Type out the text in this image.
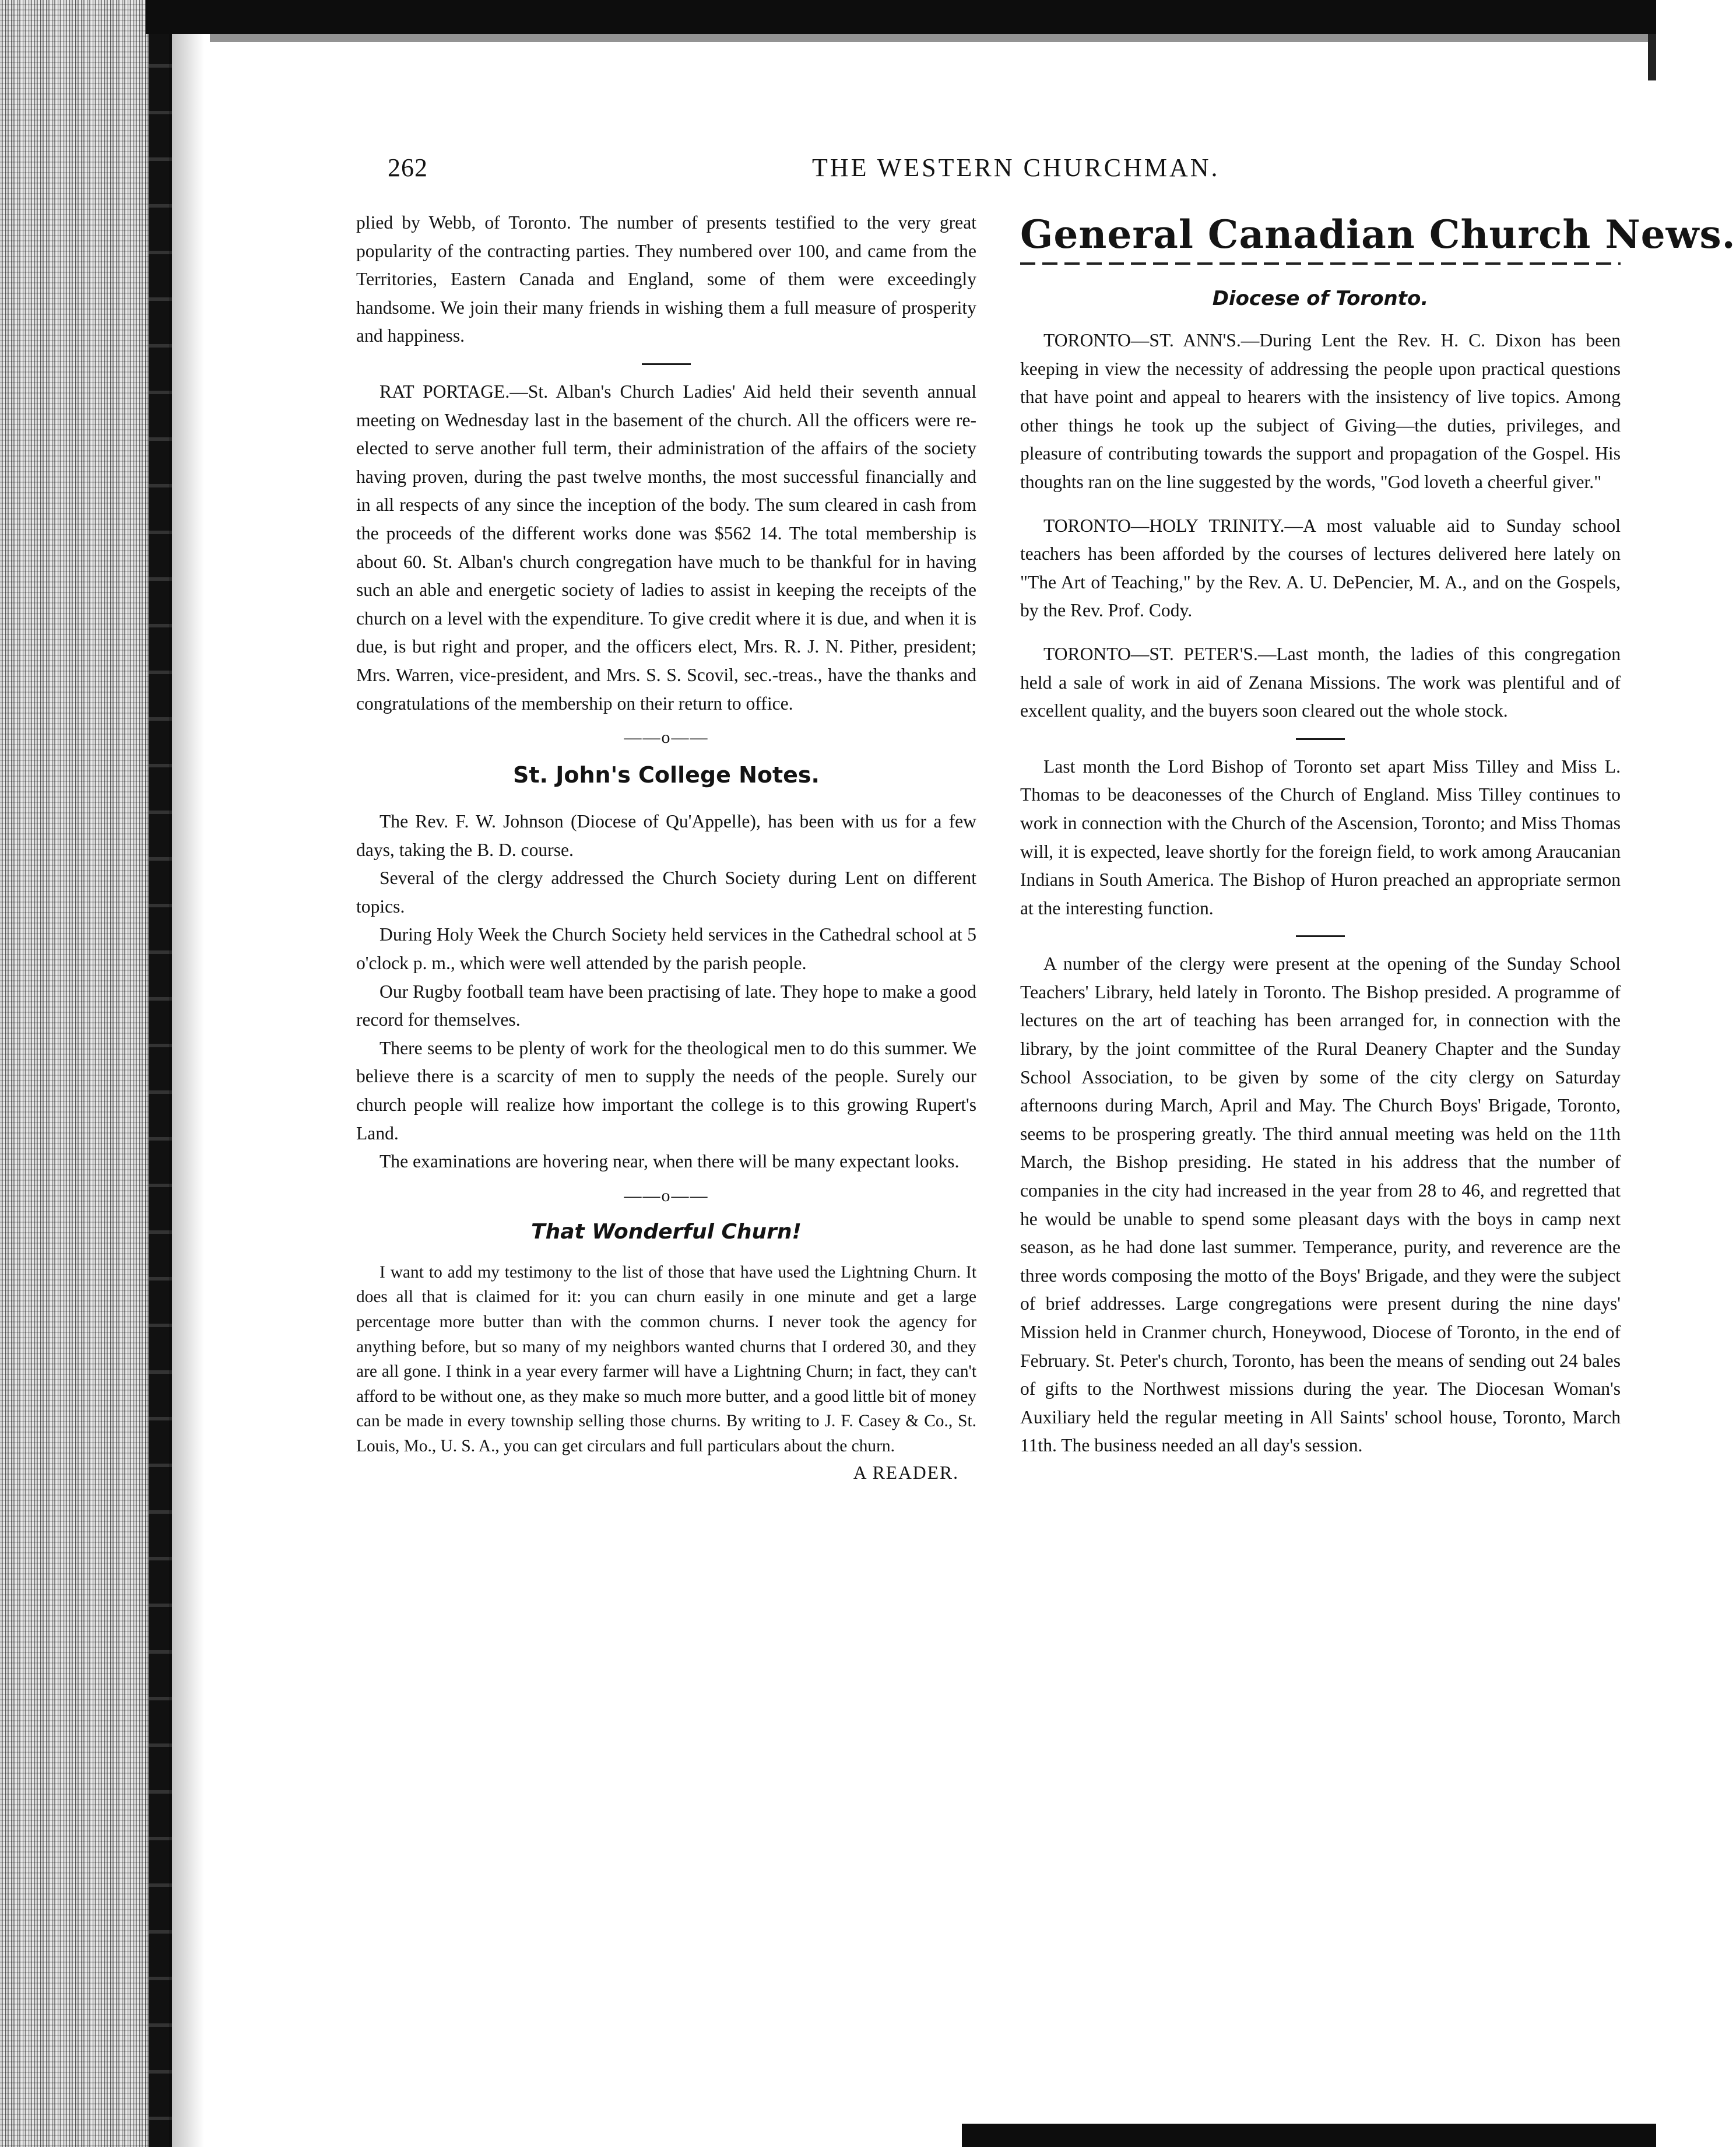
262	THE WESTERN CHURCHMAN.

plied by Webb, of Toronto. The number of presents testified to the very great popularity of the contracting parties. They numbered over 100, and came from the Territories, Eastern Canada and England, some of them were exceedingly handsome. We join their many friends in wishing them a full measure of prosperity and happiness.

RAT PORTAGE.—St. Alban's Church Ladies' Aid held their seventh annual meeting on Wednesday last in the basement of the church. All the officers were re-elected to serve another full term, their administration of the affairs of the society having proven, during the past twelve months, the most successful financially and in all respects of any since the inception of the body. The sum cleared in cash from the proceeds of the different works done was $562 14. The total membership is about 60. St. Alban's church congregation have much to be thankful for in having such an able and energetic society of ladies to assist in keeping the receipts of the church on a level with the expenditure. To give credit where it is due, and when it is due, is but right and proper, and the officers elect, Mrs. R. J. N. Pither, president; Mrs. Warren, vice-president, and Mrs. S. S. Scovil, sec.-treas., have the thanks and congratulations of the membership on their return to office.

——o——
St. John's College Notes.

The Rev. F. W. Johnson (Diocese of Qu'Appelle), has been with us for a few days, taking the B. D. course.

Several of the clergy addressed the Church Society during Lent on different topics.

During Holy Week the Church Society held services in the Cathedral school at 5 o'clock p. m., which were well attended by the parish people.

Our Rugby football team have been practising of late. They hope to make a good record for themselves.

There seems to be plenty of work for the theological men to do this summer. We believe there is a scarcity of men to supply the needs of the people. Surely our church people will realize how important the college is to this growing Rupert's Land.

The examinations are hovering near, when there will be many expectant looks.

——o——
That Wonderful Churn!

I want to add my testimony to the list of those that have used the Lightning Churn. It does all that is claimed for it: you can churn easily in one minute and get a large percentage more butter than with the common churns. I never took the agency for anything before, but so many of my neighbors wanted churns that I ordered 30, and they are all gone. I think in a year every farmer will have a Lightning Churn; in fact, they can't afford to be without one, as they make so much more butter, and a good little bit of money can be made in every township selling those churns. By writing to J. F. Casey & Co., St. Louis, Mo., U. S. A., you can get circulars and full particulars about the churn.

A READER.

General Canadian Church News.
Diocese of Toronto.

TORONTO—ST. ANN'S.—During Lent the Rev. H. C. Dixon has been keeping in view the necessity of addressing the people upon practical questions that have point and appeal to hearers with the insistency of live topics. Among other things he took up the subject of Giving—the duties, privileges, and pleasure of contributing towards the support and propagation of the Gospel. His thoughts ran on the line suggested by the words, "God loveth a cheerful giver."

TORONTO—HOLY TRINITY.—A most valuable aid to Sunday school teachers has been afforded by the courses of lectures delivered here lately on "The Art of Teaching," by the Rev. A. U. DePencier, M. A., and on the Gospels, by the Rev. Prof. Cody.

TORONTO—ST. PETER'S.—Last month, the ladies of this congregation held a sale of work in aid of Zenana Missions. The work was plentiful and of excellent quality, and the buyers soon cleared out the whole stock.

Last month the Lord Bishop of Toronto set apart Miss Tilley and Miss L. Thomas to be deaconesses of the Church of England. Miss Tilley continues to work in connection with the Church of the Ascension, Toronto; and Miss Thomas will, it is expected, leave shortly for the foreign field, to work among Araucanian Indians in South America. The Bishop of Huron preached an appropriate sermon at the interesting function.

A number of the clergy were present at the opening of the Sunday School Teachers' Library, held lately in Toronto. The Bishop presided. A programme of lectures on the art of teaching has been arranged for, in connection with the library, by the joint committee of the Rural Deanery Chapter and the Sunday School Association, to be given by some of the city clergy on Saturday afternoons during March, April and May. The Church Boys' Brigade, Toronto, seems to be prospering greatly. The third annual meeting was held on the 11th March, the Bishop presiding. He stated in his address that the number of companies in the city had increased in the year from 28 to 46, and regretted that he would be unable to spend some pleasant days with the boys in camp next season, as he had done last summer. Temperance, purity, and reverence are the three words composing the motto of the Boys' Brigade, and they were the subject of brief addresses. Large congregations were present during the nine days' Mission held in Cranmer church, Honeywood, Diocese of Toronto, in the end of February. St. Peter's church, Toronto, has been the means of sending out 24 bales of gifts to the Northwest missions during the year. The Diocesan Woman's Auxiliary held the regular meeting in All Saints' school house, Toronto, March 11th. The business needed an all day's session.
